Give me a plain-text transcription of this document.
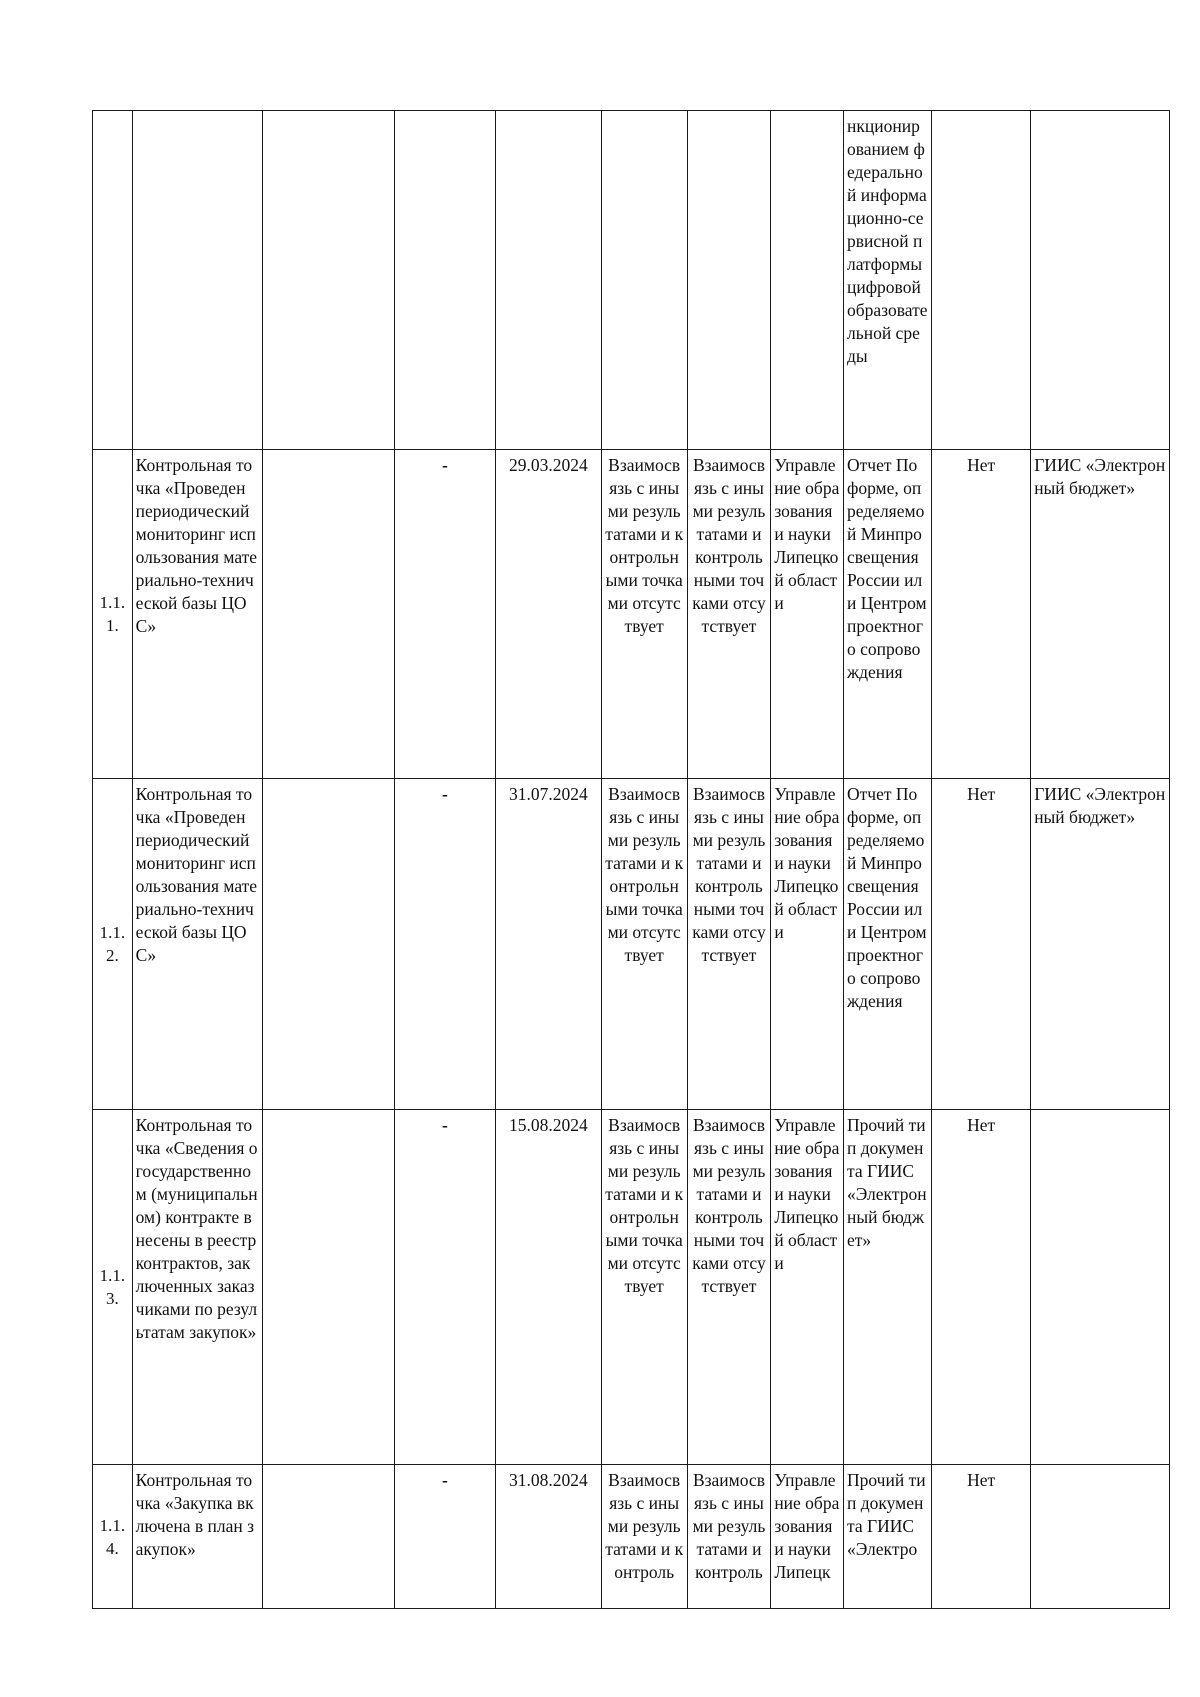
								нкционированием федеральной информационно-сервисной платформы цифровой образовательной среды		
1.1.1.	Контрольная точка «Проведен периодический мониторинг использования материально-технической базы ЦОС»		-	29.03.2024	Взаимосвязь с иными результатами и контрольными точками отсутствует	Взаимосвязь с иными результатами и контрольными точками отсутствует	Управление образования и науки Липецкой области	Отчет По форме, определяемой Минпросвещения России или Центром проектного сопровождения	Нет	ГИИС «Электронный бюджет»
1.1.2.	Контрольная точка «Проведен периодический мониторинг использования материально-технической базы ЦОС»		-	31.07.2024	Взаимосвязь с иными результатами и контрольными точками отсутствует	Взаимосвязь с иными результатами и контрольными точками отсутствует	Управление образования и науки Липецкой области	Отчет По форме, определяемой Минпросвещения России или Центром проектного сопровождения	Нет	ГИИС «Электронный бюджет»
1.1.3.	Контрольная точка «Сведения о государственном (муниципальном) контракте внесены в реестр контрактов, заключенных заказчиками по результатам закупок»		-	15.08.2024	Взаимосвязь с иными результатами и контрольными точками отсутствует	Взаимосвязь с иными результатами и контрольными точками отсутствует	Управление образования и науки Липецкой области	Прочий тип документа ГИИС «Электронный бюджет»	Нет	
1.1.4.	Контрольная точка «Закупка включена в план закупок»		-	31.08.2024	Взаимосвязь с иными результатами и контроль	Взаимосвязь с иными результатами и контроль	Управление образования и науки Липецк	Прочий тип документа ГИИС «Электро	Нет	
